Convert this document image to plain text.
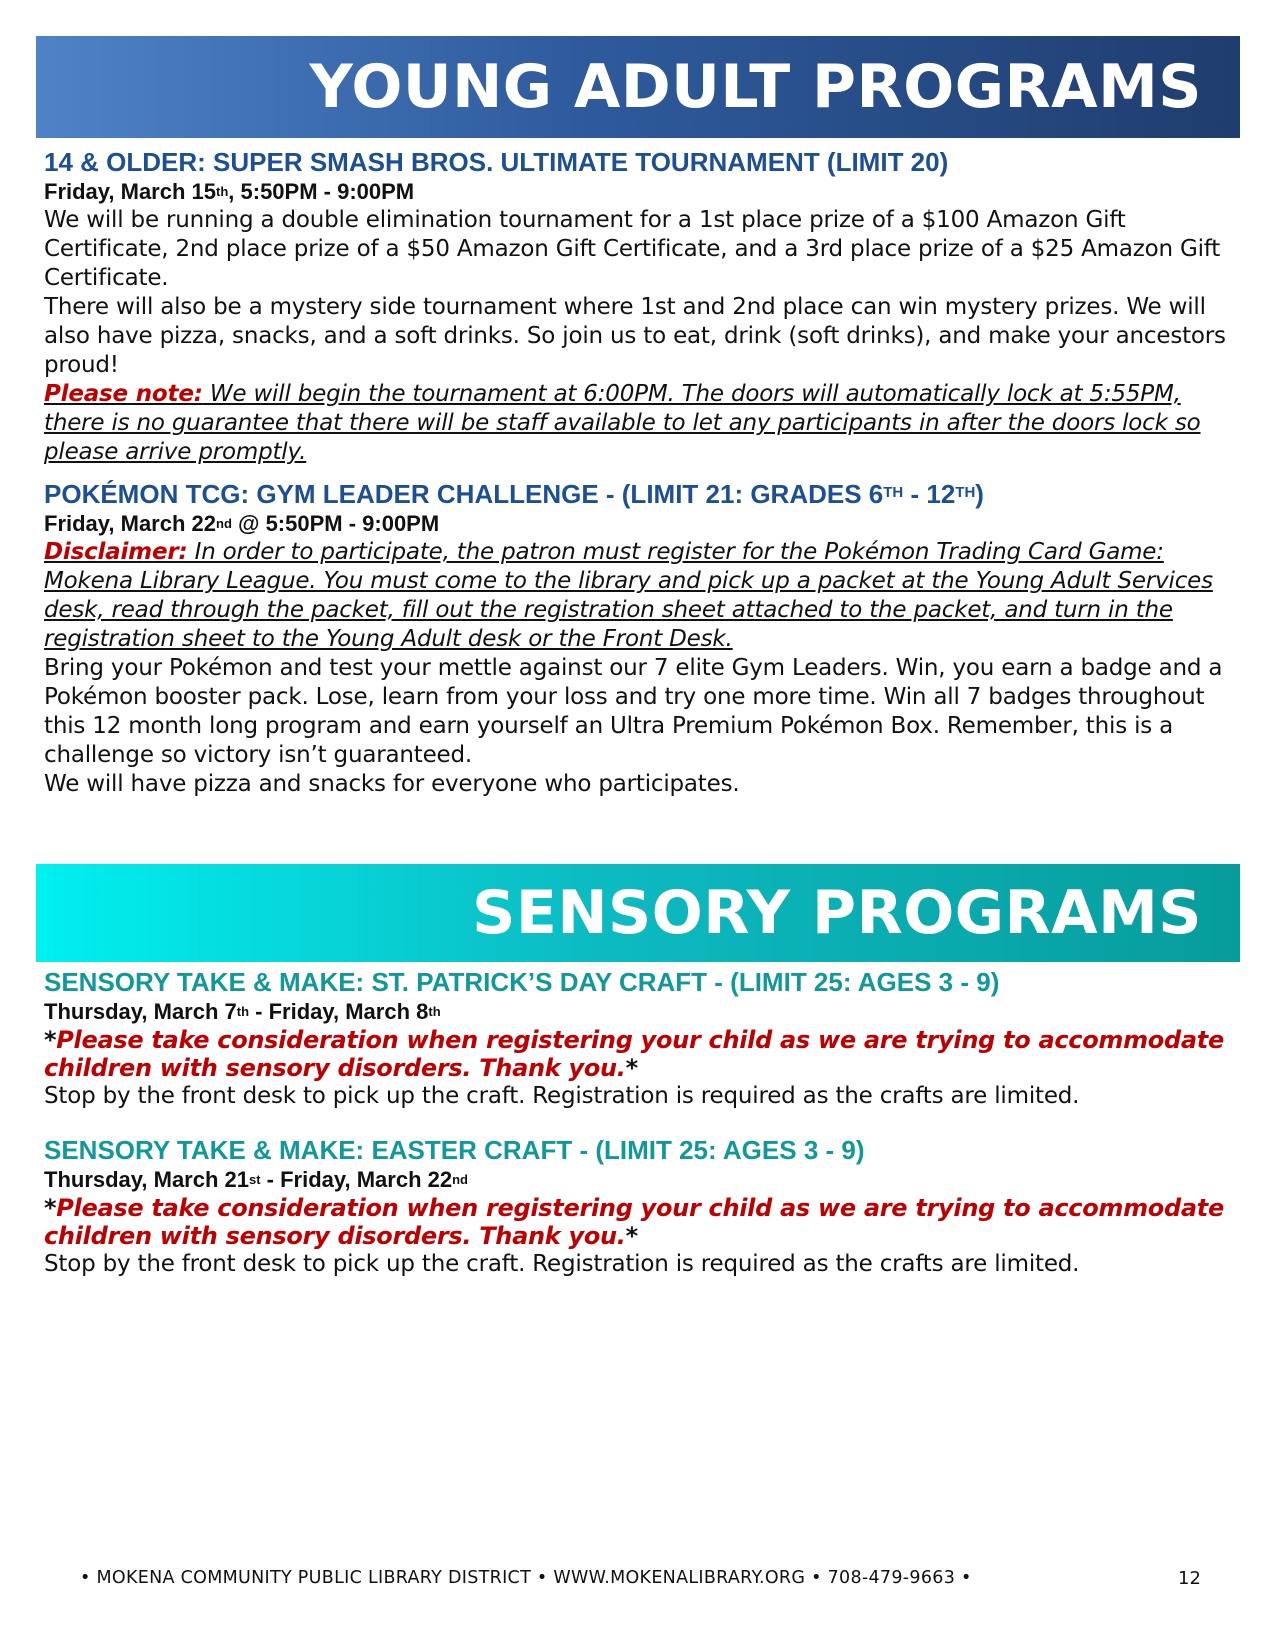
YOUNG ADULT PROGRAMS
14 & OLDER: SUPER SMASH BROS. ULTIMATE TOURNAMENT (LIMIT 20)
Friday, March 15th, 5:50PM - 9:00PM

We will be running a double elimination tournament for a 1st place prize of a $100 Amazon Gift Certificate, 2nd place prize of a $50 Amazon Gift Certificate, and a 3rd place prize of a $25 Amazon Gift Certificate.

There will also be a mystery side tournament where 1st and 2nd place can win mystery prizes. We will also have pizza, snacks, and a soft drinks. So join us to eat, drink (soft drinks), and make your ancestors proud!

Please note: We will begin the tournament at 6:00PM. The doors will automatically lock at 5:55PM, there is no guarantee that there will be staff available to let any participants in after the doors lock so please arrive promptly.
POKÉMON TCG: GYM LEADER CHALLENGE - (LIMIT 21: GRADES 6TH - 12TH)
Friday, March 22nd @ 5:50PM - 9:00PM
Disclaimer: In order to participate, the patron must register for the Pokémon Trading Card Game: Mokena Library League. You must come to the library and pick up a packet at the Young Adult Services desk, read through the packet, fill out the registration sheet attached to the packet, and turn in the registration sheet to the Young Adult desk or the Front Desk.

Bring your Pokémon and test your mettle against our 7 elite Gym Leaders. Win, you earn a badge and a Pokémon booster pack. Lose, learn from your loss and try one more time. Win all 7 badges throughout this 12 month long program and earn yourself an Ultra Premium Pokémon Box. Remember, this is a challenge so victory isn’t guaranteed.

We will have pizza and snacks for everyone who participates.

SENSORY PROGRAMS
SENSORY TAKE & MAKE: ST. PATRICK’S DAY CRAFT - (LIMIT 25: AGES 3 - 9)
Thursday, March 7th - Friday, March 8th
*Please take consideration when registering your child as we are trying to accommodate children with sensory disorders. Thank you.*
Stop by the front desk to pick up the craft. Registration is required as the crafts are limited.
SENSORY TAKE & MAKE: EASTER CRAFT - (LIMIT 25: AGES 3 - 9)
Thursday, March 21st - Friday, March 22nd
*Please take consideration when registering your child as we are trying to accommodate children with sensory disorders. Thank you.*
Stop by the front desk to pick up the craft. Registration is required as the crafts are limited.
• MOKENA COMMUNITY PUBLIC LIBRARY DISTRICT • WWW.MOKENALIBRARY.ORG • 708-479-9663 •	12
